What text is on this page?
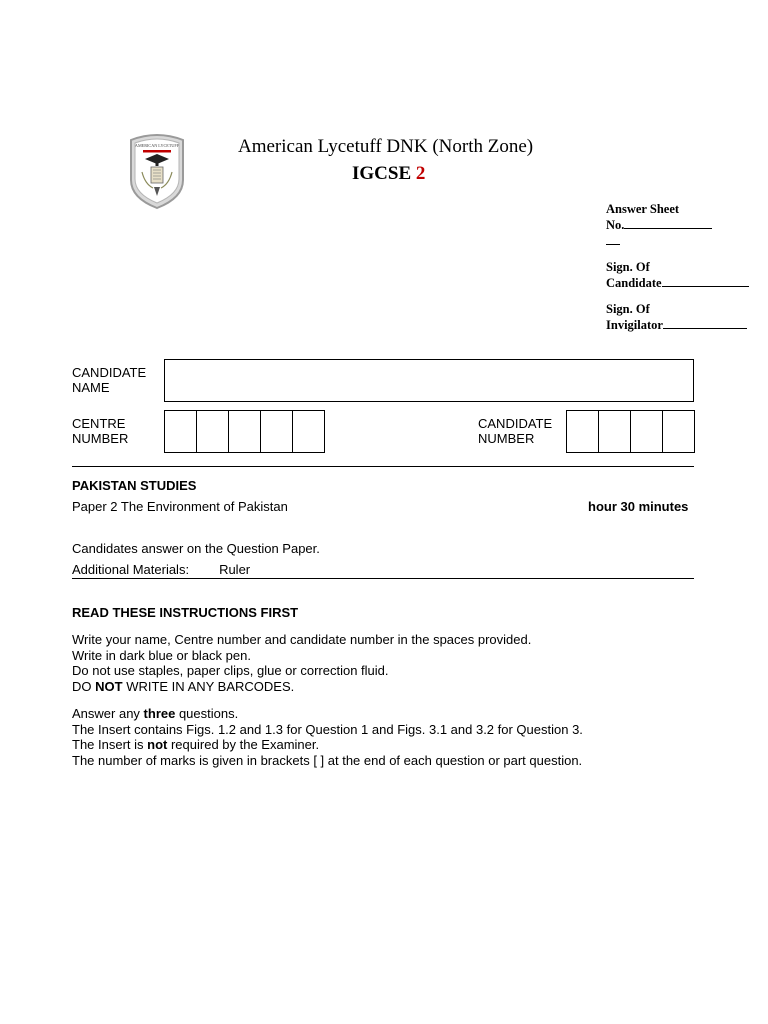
AMERICAN LYCETUFF	American Lycetuff DNK (North Zone)
IGCSE 2
Answer Sheet
No.
Sign. Of
Candidate
Sign. Of
Invigilator
CANDIDATE
NAME
CENTRE
NUMBER
CANDIDATE
NUMBER
PAKISTAN STUDIES
Paper 2 The Environment of Pakistan	hour 30 minutes
Candidates answer on the Question Paper.
Additional Materials: Ruler
READ THESE INSTRUCTIONS FIRST
Write your name, Centre number and candidate number in the spaces provided.
Write in dark blue or black pen.
Do not use staples, paper clips, glue or correction fluid.
DO NOT WRITE IN ANY BARCODES.
Answer any three questions.
The Insert contains Figs. 1.2 and 1.3 for Question 1 and Figs. 3.1 and 3.2 for Question 3.
The Insert is not required by the Examiner.
The number of marks is given in brackets [ ] at the end of each question or part question.
